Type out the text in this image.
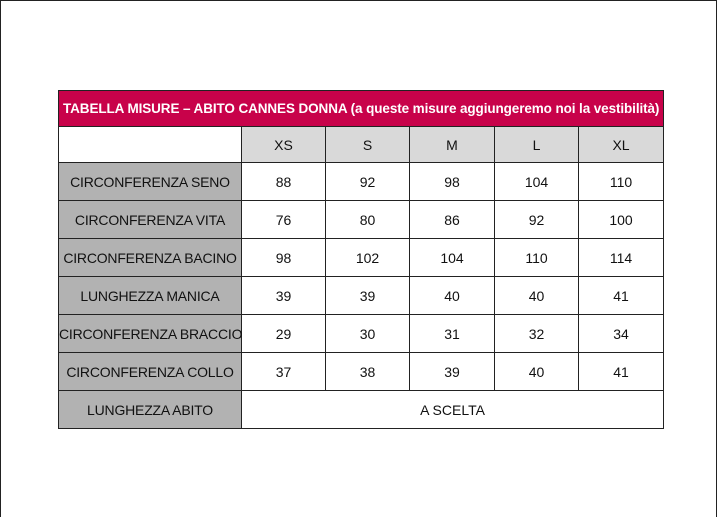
TABELLA MISURE – ABITO CANNES DONNA (a queste misure aggiungeremo noi la vestibilità)					
	XS	S	M	L	XL
CIRCONFERENZA SENO	88	92	98	104	110
CIRCONFERENZA VITA	76	80	86	92	100
CIRCONFERENZA BACINO	98	102	104	110	114
LUNGHEZZA MANICA	39	39	40	40	41
CIRCONFERENZA BRACCIO	29	30	31	32	34
CIRCONFERENZA COLLO	37	38	39	40	41
LUNGHEZZA ABITO	A SCELTA				
